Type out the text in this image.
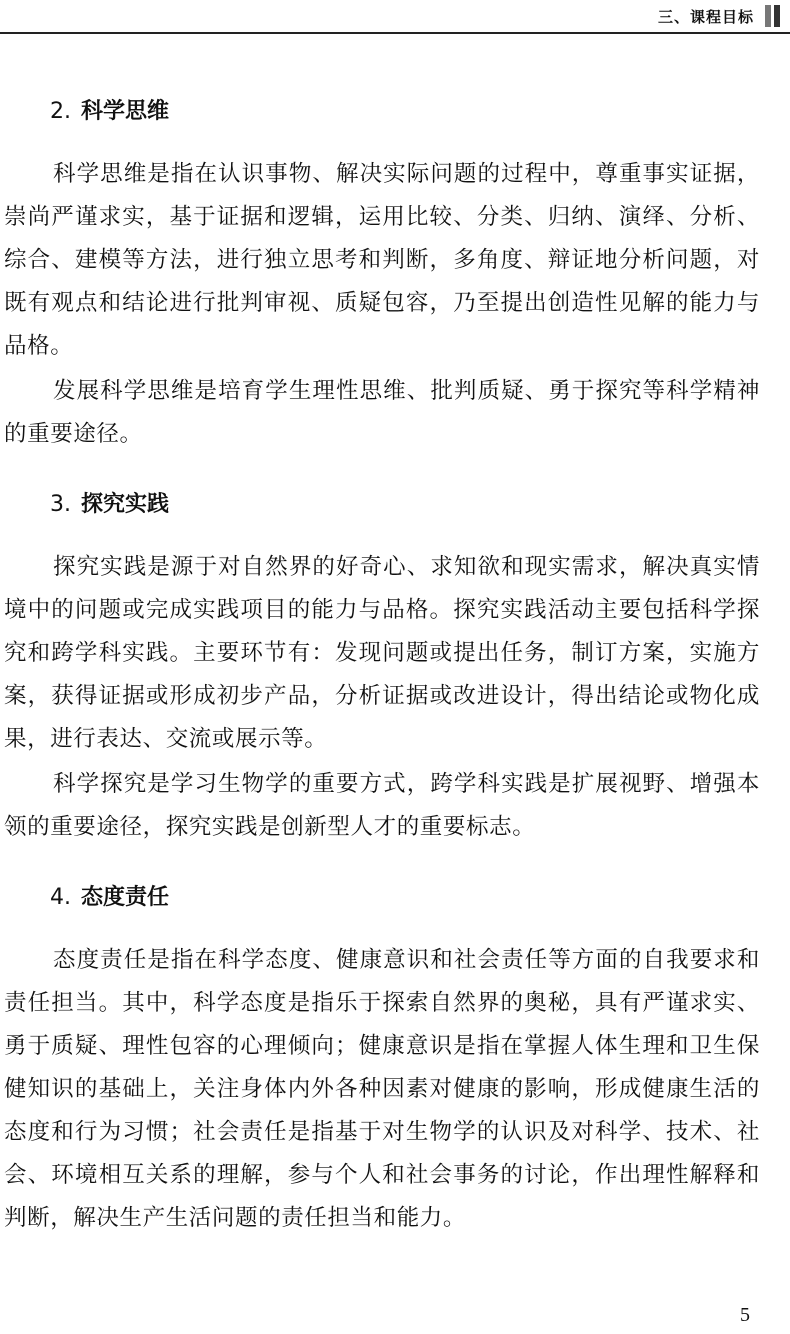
三、课程目标
2. 科学思维

科学思维是指在认识事物、解决实际问题的过程中，尊重事实证据，崇尚严谨求实，基于证据和逻辑，运用比较、分类、归纳、演绎、分析、综合、建模等方法，进行独立思考和判断，多角度、辩证地分析问题，对既有观点和结论进行批判审视、质疑包容，乃至提出创造性见解的能力与品格。

发展科学思维是培育学生理性思维、批判质疑、勇于探究等科学精神的重要途径。

3. 探究实践

探究实践是源于对自然界的好奇心、求知欲和现实需求，解决真实情境中的问题或完成实践项目的能力与品格。探究实践活动主要包括科学探究和跨学科实践。主要环节有：发现问题或提出任务，制订方案，实施方案，获得证据或形成初步产品，分析证据或改进设计，得出结论或物化成果，进行表达、交流或展示等。

科学探究是学习生物学的重要方式，跨学科实践是扩展视野、增强本领的重要途径，探究实践是创新型人才的重要标志。

4. 态度责任

态度责任是指在科学态度、健康意识和社会责任等方面的自我要求和责任担当。其中，科学态度是指乐于探索自然界的奥秘，具有严谨求实、勇于质疑、理性包容的心理倾向；健康意识是指在掌握人体生理和卫生保健知识的基础上，关注身体内外各种因素对健康的影响，形成健康生活的态度和行为习惯；社会责任是指基于对生物学的认识及对科学、技术、社会、环境相互关系的理解，参与个人和社会事务的讨论，作出理性解释和判断，解决生产生活问题的责任担当和能力。

5
